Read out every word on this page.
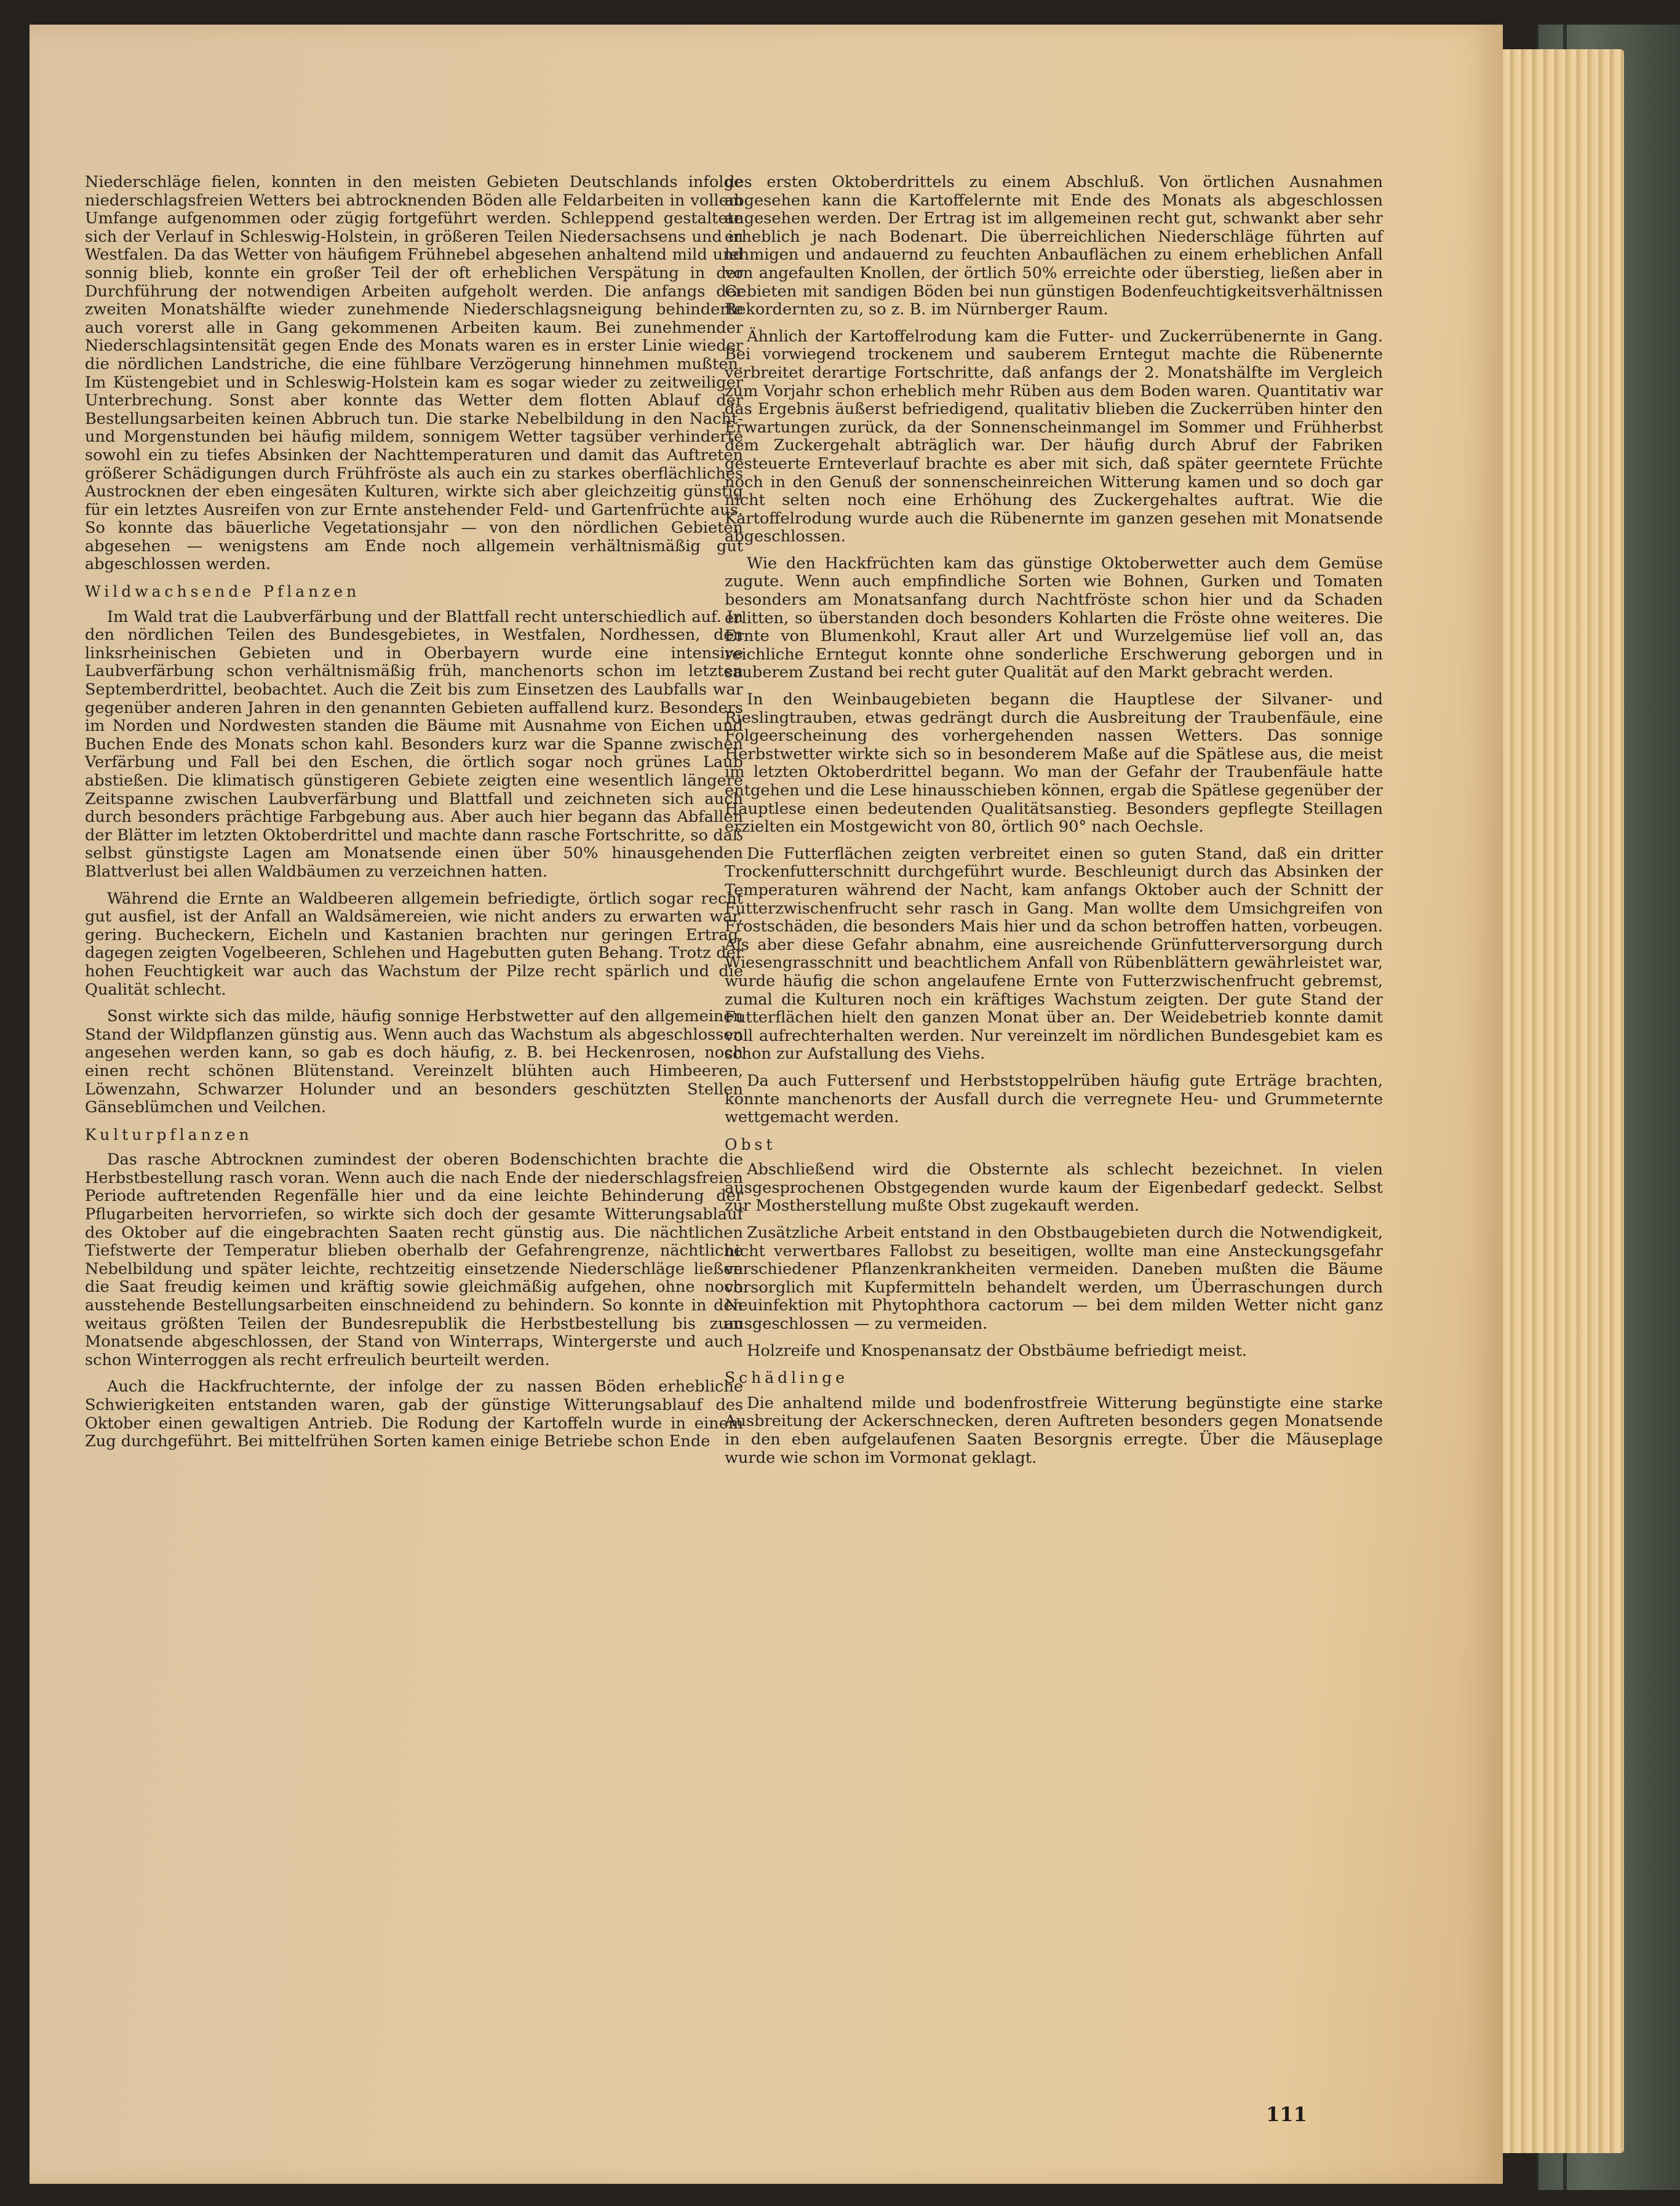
Niederschläge fielen, konnten in den meisten Gebieten Deutschlands infolge niederschlagsfreien Wetters bei abtrocknenden Böden alle Feldarbeiten in vollem Umfange aufgenommen oder zügig fortgeführt werden. Schleppend gestaltete sich der Verlauf in Schleswig-Holstein, in größeren Teilen Niedersachsens und in Westfalen. Da das Wetter von häufigem Frühnebel abgesehen anhaltend mild und sonnig blieb, konnte ein großer Teil der oft erheblichen Verspätung in der Durchführung der notwendigen Arbeiten aufgeholt werden. Die anfangs der zweiten Monatshälfte wieder zunehmende Niederschlagsneigung behinderte auch vorerst alle in Gang gekommenen Arbeiten kaum. Bei zunehmender Niederschlagsintensität gegen Ende des Monats waren es in erster Linie wieder die nördlichen Landstriche, die eine fühlbare Verzögerung hinnehmen mußten. Im Küstengebiet und in Schleswig-Holstein kam es sogar wieder zu zeitweiliger Unterbrechung. Sonst aber konnte das Wetter dem flotten Ablauf der Bestellungsarbeiten keinen Abbruch tun. Die starke Nebelbildung in den Nacht- und Morgenstunden bei häufig mildem, sonnigem Wetter tagsüber verhinderte sowohl ein zu tiefes Absinken der Nachttemperaturen und damit das Auftreten größerer Schädigungen durch Frühfröste als auch ein zu starkes oberflächliches Austrocknen der eben eingesäten Kulturen, wirkte sich aber gleichzeitig günstig für ein letztes Ausreifen von zur Ernte anstehender Feld- und Gartenfrüchte aus. So konnte das bäuerliche Vegetationsjahr — von den nördlichen Gebieten abgesehen — wenigstens am Ende noch allgemein verhältnismäßig gut abgeschlossen werden.

Wildwachsende Pflanzen

Im Wald trat die Laubverfärbung und der Blattfall recht unterschiedlich auf. In den nördlichen Teilen des Bundesgebietes, in Westfalen, Nordhessen, den linksrheinischen Gebieten und in Oberbayern wurde eine intensive Laubverfärbung schon verhältnismäßig früh, manchenorts schon im letzten Septemberdrittel, beobachtet. Auch die Zeit bis zum Einsetzen des Laubfalls war gegenüber anderen Jahren in den genannten Gebieten auffallend kurz. Besonders im Norden und Nordwesten standen die Bäume mit Ausnahme von Eichen und Buchen Ende des Monats schon kahl. Besonders kurz war die Spanne zwischen Verfärbung und Fall bei den Eschen, die örtlich sogar noch grünes Laub abstießen. Die klimatisch günstigeren Gebiete zeigten eine wesentlich längere Zeitspanne zwischen Laubverfärbung und Blattfall und zeichneten sich auch durch besonders prächtige Farbgebung aus. Aber auch hier begann das Abfallen der Blätter im letzten Oktoberdrittel und machte dann rasche Fortschritte, so daß selbst günstigste Lagen am Monatsende einen über 50% hinausgehenden Blattverlust bei allen Waldbäumen zu verzeichnen hatten.

Während die Ernte an Waldbeeren allgemein befriedigte, örtlich sogar recht gut ausfiel, ist der Anfall an Waldsämereien, wie nicht anders zu erwarten war, gering. Bucheckern, Eicheln und Kastanien brachten nur geringen Ertrag, dagegen zeigten Vogelbeeren, Schlehen und Hagebutten guten Behang. Trotz der hohen Feuchtigkeit war auch das Wachstum der Pilze recht spärlich und die Qualität schlecht.

Sonst wirkte sich das milde, häufig sonnige Herbstwetter auf den allgemeinen Stand der Wildpflanzen günstig aus. Wenn auch das Wachstum als abgeschlossen angesehen werden kann, so gab es doch häufig, z. B. bei Heckenrosen, noch einen recht schönen Blütenstand. Vereinzelt blühten auch Himbeeren, Löwenzahn, Schwarzer Holunder und an besonders geschützten Stellen Gänseblümchen und Veilchen.

Kulturpflanzen

Das rasche Abtrocknen zumindest der oberen Bodenschichten brachte die Herbstbestellung rasch voran. Wenn auch die nach Ende der niederschlagsfreien Periode auftretenden Regenfälle hier und da eine leichte Behinderung der Pflugarbeiten hervorriefen, so wirkte sich doch der gesamte Witterungsablauf des Oktober auf die eingebrachten Saaten recht günstig aus. Die nächtlichen Tiefstwerte der Temperatur blieben oberhalb der Gefahrengrenze, nächtliche Nebelbildung und später leichte, rechtzeitig einsetzende Niederschläge ließen die Saat freudig keimen und kräftig sowie gleichmäßig aufgehen, ohne noch ausstehende Bestellungsarbeiten einschneidend zu behindern. So konnte in den weitaus größten Teilen der Bundesrepublik die Herbstbestellung bis zum Monatsende abgeschlossen, der Stand von Winterraps, Wintergerste und auch schon Winterroggen als recht erfreulich beurteilt werden.

Auch die Hackfruchternte, der infolge der zu nassen Böden erhebliche Schwierigkeiten entstanden waren, gab der günstige Witterungsablauf des Oktober einen gewaltigen Antrieb. Die Rodung der Kartoffeln wurde in einem Zug durchgeführt. Bei mittelfrühen Sorten kamen einige Betriebe schon Ende

des ersten Oktoberdrittels zu einem Abschluß. Von örtlichen Ausnahmen abgesehen kann die Kartoffelernte mit Ende des Monats als abgeschlossen angesehen werden. Der Ertrag ist im allgemeinen recht gut, schwankt aber sehr erheblich je nach Bodenart. Die überreichlichen Niederschläge führten auf lehmigen und andauernd zu feuchten Anbauflächen zu einem erheblichen Anfall von angefaulten Knollen, der örtlich 50% erreichte oder überstieg, ließen aber in Gebieten mit sandigen Böden bei nun günstigen Bodenfeuchtigkeitsverhältnissen Rekordernten zu, so z. B. im Nürnberger Raum.

Ähnlich der Kartoffelrodung kam die Futter- und Zuckerrübenernte in Gang. Bei vorwiegend trockenem und sauberem Erntegut machte die Rübenernte verbreitet derartige Fortschritte, daß anfangs der 2. Monatshälfte im Vergleich zum Vorjahr schon erheblich mehr Rüben aus dem Boden waren. Quantitativ war das Ergebnis äußerst befriedigend, qualitativ blieben die Zuckerrüben hinter den Erwartungen zurück, da der Sonnenscheinmangel im Sommer und Frühherbst dem Zuckergehalt abträglich war. Der häufig durch Abruf der Fabriken gesteuerte Ernteverlauf brachte es aber mit sich, daß später geerntete Früchte noch in den Genuß der sonnenscheinreichen Witterung kamen und so doch gar nicht selten noch eine Erhöhung des Zuckergehaltes auftrat. Wie die Kartoffelrodung wurde auch die Rübenernte im ganzen gesehen mit Monatsende abgeschlossen.

Wie den Hackfrüchten kam das günstige Oktoberwetter auch dem Gemüse zugute. Wenn auch empfindliche Sorten wie Bohnen, Gurken und Tomaten besonders am Monatsanfang durch Nachtfröste schon hier und da Schaden erlitten, so überstanden doch besonders Kohlarten die Fröste ohne weiteres. Die Ernte von Blumenkohl, Kraut aller Art und Wurzelgemüse lief voll an, das reichliche Erntegut konnte ohne sonderliche Erschwerung geborgen und in sauberem Zustand bei recht guter Qualität auf den Markt gebracht werden.

In den Weinbaugebieten begann die Hauptlese der Silvaner- und Rieslingtrauben, etwas gedrängt durch die Ausbreitung der Traubenfäule, eine Folgeerscheinung des vorhergehenden nassen Wetters. Das sonnige Herbstwetter wirkte sich so in besonderem Maße auf die Spätlese aus, die meist im letzten Oktoberdrittel begann. Wo man der Gefahr der Traubenfäule hatte entgehen und die Lese hinausschieben können, ergab die Spätlese gegenüber der Hauptlese einen bedeutenden Qualitätsanstieg. Besonders gepflegte Steillagen erzielten ein Mostgewicht von 80, örtlich 90° nach Oechsle.

Die Futterflächen zeigten verbreitet einen so guten Stand, daß ein dritter Trockenfutterschnitt durchgeführt wurde. Beschleunigt durch das Absinken der Temperaturen während der Nacht, kam anfangs Oktober auch der Schnitt der Futterzwischenfrucht sehr rasch in Gang. Man wollte dem Umsichgreifen von Frostschäden, die besonders Mais hier und da schon betroffen hatten, vorbeugen. Als aber diese Gefahr abnahm, eine ausreichende Grünfutterversorgung durch Wiesengrasschnitt und beachtlichem Anfall von Rübenblättern gewährleistet war, wurde häufig die schon angelaufene Ernte von Futterzwischenfrucht gebremst, zumal die Kulturen noch ein kräftiges Wachstum zeigten. Der gute Stand der Futterflächen hielt den ganzen Monat über an. Der Weidebetrieb konnte damit voll aufrechterhalten werden. Nur vereinzelt im nördlichen Bundesgebiet kam es schon zur Aufstallung des Viehs.

Da auch Futtersenf und Herbststoppelrüben häufig gute Erträge brachten, konnte manchenorts der Ausfall durch die verregnete Heu- und Grummeternte wettgemacht werden.

Obst

Abschließend wird die Obsternte als schlecht bezeichnet. In vielen ausgesprochenen Obstgegenden wurde kaum der Eigenbedarf gedeckt. Selbst zur Mostherstellung mußte Obst zugekauft werden.

Zusätzliche Arbeit entstand in den Obstbaugebieten durch die Notwendigkeit, nicht verwertbares Fallobst zu beseitigen, wollte man eine Ansteckungsgefahr verschiedener Pflanzenkrankheiten vermeiden. Daneben mußten die Bäume vorsorglich mit Kupfermitteln behandelt werden, um Überraschungen durch Neuinfektion mit Phytophthora cactorum — bei dem milden Wetter nicht ganz ausgeschlossen — zu vermeiden.

Holzreife und Knospenansatz der Obstbäume befriedigt meist.

Schädlinge

Die anhaltend milde und bodenfrostfreie Witterung begünstigte eine starke Ausbreitung der Ackerschnecken, deren Auftreten besonders gegen Monatsende in den eben aufgelaufenen Saaten Besorgnis erregte. Über die Mäuseplage wurde wie schon im Vormonat geklagt.

111
